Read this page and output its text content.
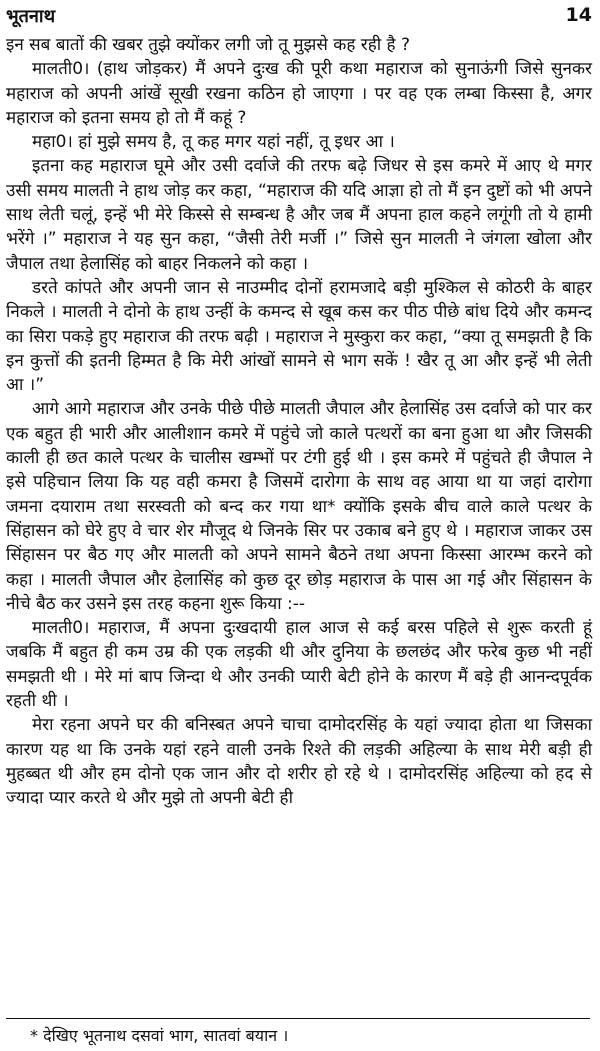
भूतनाथ	14

इन सब बातों की खबर तुझे क्योंकर लगी जो तू मुझसे कह रही है ?

मालती0। (हाथ जोड़कर) मैं अपने दुःख की पूरी कथा महाराज को सुनाऊंगी जिसे सुनकर महाराज को अपनी आंखें सूखी रखना कठिन हो जाएगा । पर वह एक लम्बा किस्सा है, अगर महाराज को इतना समय हो तो मैं कहूं ?

महा0। हां मुझे समय है, तू कह मगर यहां नहीं, तू इधर आ ।

इतना कह महाराज घूमे और उसी दर्वाजे की तरफ बढ़े जिधर से इस कमरे में आए थे मगर उसी समय मालती ने हाथ जोड़ कर कहा, “महाराज की यदि आज्ञा हो तो मैं इन दुष्टों को भी अपने साथ लेती चलूं, इन्हें भी मेरे किस्से से सम्बन्ध है और जब मैं अपना हाल कहने लगूंगी तो ये हामी भरेंगे ।” महाराज ने यह सुन कहा, “जैसी तेरी मर्जी ।” जिसे सुन मालती ने जंगला खोला और जैपाल तथा हेलासिंह को बाहर निकलने को कहा ।

डरते कांपते और अपनी जान से नाउम्मीद दोनों हरामजादे बड़ी मुश्किल से कोठरी के बाहर निकले । मालती ने दोनो के हाथ उन्हीं के कमन्द से खूब कस कर पीठ पीछे बांध दिये और कमन्द का सिरा पकड़े हुए महाराज की तरफ बढ़ी । महाराज ने मुस्कुरा कर कहा, “क्या तू समझती है कि इन कुत्तों की इतनी हिम्मत है कि मेरी आंखों सामने से भाग सकें ! खैर तू आ और इन्हें भी लेती आ ।”

आगे आगे महाराज और उनके पीछे पीछे मालती जैपाल और हेलासिंह उस दर्वाजे को पार कर एक बहुत ही भारी और आलीशान कमरे में पहुंचे जो काले पत्थरों का बना हुआ था और जिसकी काली ही छत काले पत्थर के चालीस खम्भों पर टंगी हुई थी । इस कमरे में पहुंचते ही जैपाल ने इसे पहिचान लिया कि यह वही कमरा है जिसमें दारोगा के साथ वह आया था या जहां दारोगा जमना दयाराम तथा सरस्वती को बन्द कर गया था* क्योंकि इसके बीच वाले काले पत्थर के सिंहासन को घेरे हुए वे चार शेर मौजूद थे जिनके सिर पर उकाब बने हुए थे । महाराज जाकर उस सिंहासन पर बैठ गए और मालती को अपने सामने बैठने तथा अपना किस्सा आरम्भ करने को कहा । मालती जैपाल और हेलासिंह को कुछ दूर छोड़ महाराज के पास आ गई और सिंहासन के नीचे बैठ कर उसने इस तरह कहना शुरू किया :--

मालती0। महाराज, मैं अपना दुःखदायी हाल आज से कई बरस पहिले से शुरू करती हूं जबकि मैं बहुत ही कम उम्र की एक लड़की थी और दुनिया के छलछंद और फरेब कुछ भी नहीं समझती थी । मेरे मां बाप जिन्दा थे और उनकी प्यारी बेटी होने के कारण मैं बड़े ही आनन्दपूर्वक रहती थी ।

मेरा रहना अपने घर की बनिस्बत अपने चाचा दामोदरसिंह के यहां ज्यादा होता था जिसका कारण यह था कि उनके यहां रहने वाली उनके रिश्ते की लड़की अहिल्या के साथ मेरी बड़ी ही मुहब्बत थी और हम दोनो एक जान और दो शरीर हो रहे थे । दामोदरसिंह अहिल्या को हद से ज्यादा प्यार करते थे और मुझे तो अपनी बेटी ही

* देखिए भूतनाथ दसवां भाग, सातवां बयान ।
